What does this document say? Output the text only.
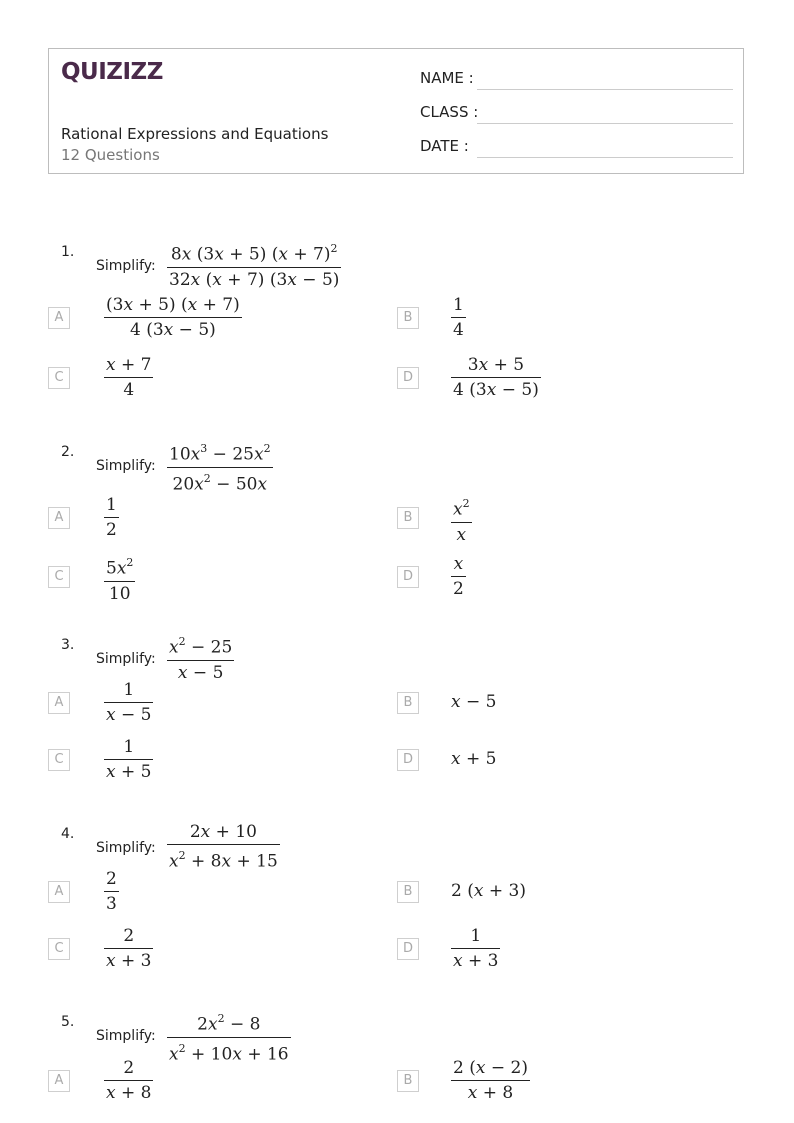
QUIZIZZ
Rational Expressions and Equations
12 Questions
NAME :
CLASS :
DATE :
1.
Simplify: $\frac{8x (3x + 5) (x + 7)^2}{32x (x + 7) (3x - 5)}$
A	$\frac{(3x + 5) (x + 7)}{4 (3x - 5)}$	B	$\frac{1}{4}$
C	$\frac{x + 7}{4}$	D	$\frac{3x + 5}{4 (3x - 5)}$
2.
Simplify: $\frac{10x^3 - 25x^2}{20x^2 - 50x}$
A	$\frac{1}{2}$	B	$\frac{x^2}{x}$
C	$\frac{5x^2}{10}$	D	$\frac{x}{2}$
3.
Simplify: $\frac{x^2 - 25}{x - 5}$
A	$\frac{1}{x - 5}$	B	x − 5
C	$\frac{1}{x + 5}$	D	x + 5
4.
Simplify: $\frac{2x + 10}{x^2 + 8x + 15}$
A	$\frac{2}{3}$	B	2 (x + 3)
C	$\frac{2}{x + 3}$	D	$\frac{1}{x + 3}$
5.
Simplify: $\frac{2x^2 - 8}{x^2 + 10x + 16}$
A	$\frac{2}{x + 8}$	B	$\frac{2 (x - 2)}{x + 8}$
